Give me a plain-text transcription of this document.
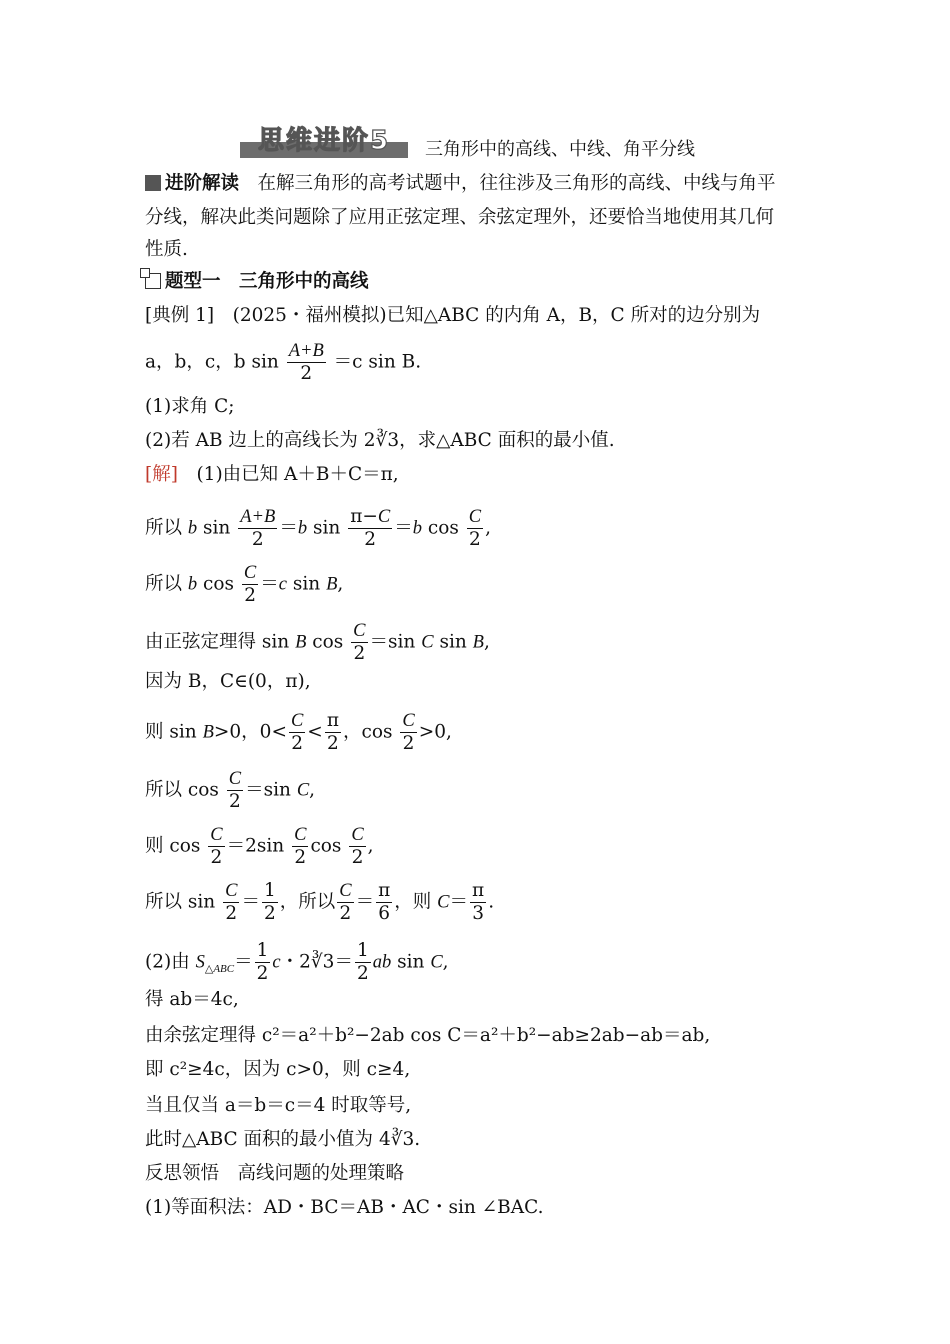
思维进阶5	三角形中的高线、中线、角平分线
进阶解读　 在解三角形的高考试题中，往往涉及三角形的高线、中线与角平
分线，解决此类问题除了应用正弦定理、余弦定理外，还要恰当地使用其几何
性质.
题型一　三角形中的高线
[典例 1]　 (2025・福州模拟)已知△ABC 的内角 A，B，C 所对的边分别为
a，b，c，b $\sin \frac{A+B}{2} =c$ sin B.
(1)求角 C;
(2)若 AB 边上的高线长为 2∛3，求△ABC 面积的最小值.
[解]　 (1)由已知 A＋B＋C＝π,
所以 b $\sin \frac{A+B}{2} =b$ $\sin \frac{\pi-C}{2} =b$ $\cos \frac{C}{2}$ ,
所以 b $\cos \frac{C}{2} =c$ sin B,
由正弦定理得 sin B $\cos \frac{C}{2} =\sin$ C sin B,
因为 B，C∈(0，π),
则 sin B>0，$0< \frac{C}{2} < \frac{\pi}{2}$ ，$\cos \frac{C}{2} >0$,
所以 $\cos \frac{C}{2} =\sin$ C,
则 $\cos \frac{C}{2} =2\sin \frac{C}{2}$ $\cos \frac{C}{2}$ ,
所以 $\sin \frac{C}{2} = \frac{1}{2}$ ，所以 $\frac{C}{2} = \frac{\pi}{6}$ ，则 $C= \frac{\pi}{3}$ .
(2)由 $S_{\triangle ABC}= \frac{1}{2}$ c・2∛3＝ $\frac{1}{2}$ ab sin C,
得 ab＝4c,
由余弦定理得 c²＝a²＋b²−2ab cos C＝a²＋b²−ab≥2ab−ab＝ab,
即 c²≥4c，因为 c>0，则 c≥4,
当且仅当 a＝b＝c＝4 时取等号,
此时△ABC 面积的最小值为 4∛3.
反思领悟　高线问题的处理策略
(1)等面积法：AD・BC＝AB・AC・sin ∠BAC.
